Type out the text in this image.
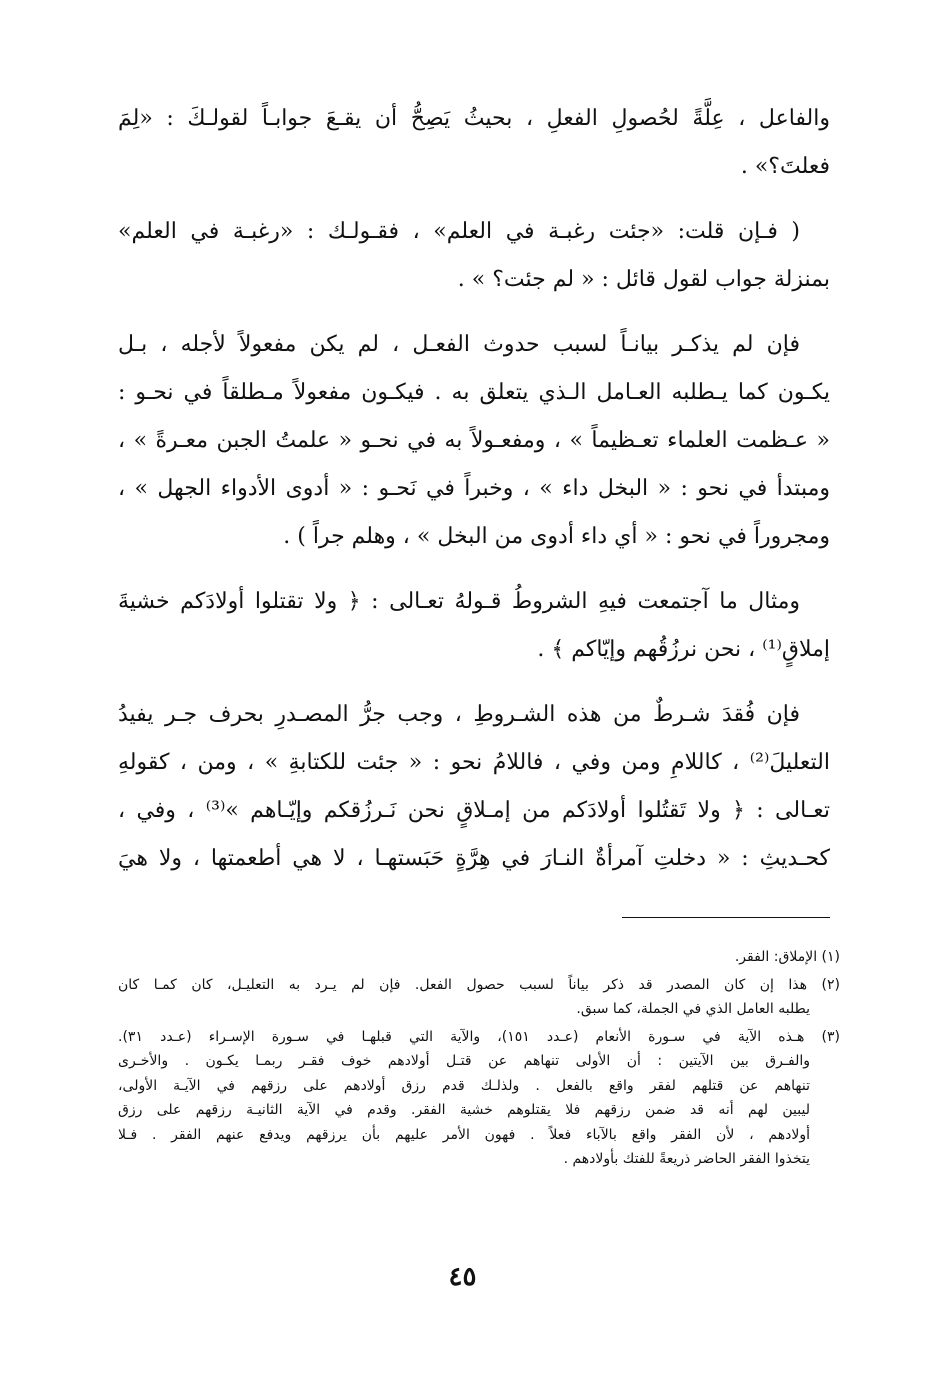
والفاعل ، عِلَّةً لحُصولِ الفعلِ ، بحيثُ يَصِحُّ أن يقـعَ جوابـاً لقولـكَ : «لِمَ
فعلتَ؟» .

( فـإن قلت: «جئت رغبـة في العلم» ، فقـولـك : «رغبـة في العلم»
بمنزلة جواب لقول قائل : « لم جئت؟ » .

فإن لم يذكـر بيانـاً لسبب حدوث الفعـل ، لم يكن مفعولاً لأجله ، بـل
يكـون كما يـطلبه العـامل الـذي يتعلق به . فيكـون مفعولاً مـطلقاً في نحـو :
« عـظمت العلماء تعـظيماً » ، ومفعـولاً به في نحـو « علمتُ الجبن معـرةً » ،
ومبتدأ في نحو : « البخل داء » ، وخبراً في نَحـو : « أدوى الأدواء الجهل » ،
ومجروراً في نحو : « أي داء أدوى من البخل » ، وهلم جراً ) .

ومثال ما آجتمعت فيهِ الشروطُ قـولهُ تعـالى : ﴿ ولا تقتلوا أولادَكم خشيةَ
إملاقٍ⁽¹⁾ ، نحن نرزُقُهم وإيّاكم ﴾ .

فإن فُقدَ شـرطٌ من هذه الشـروطِ ، وجب جرُّ المصـدرِ بحرف جـر يفيدُ
التعليلَ⁽²⁾ ، كاللامِ ومن وفي ، فاللامُ نحو : « جئت للكتابةِ » ، ومن ، كقولهِ
تعـالى : ﴿ ولا تَقتُلوا أولادَكم من إمـلاقٍ نحن نَـرزُقكم وإيّـاهم »⁽³⁾ ، وفي ،
كحـديثِ : « دخلتِ آمرأةٌ النـارَ في هِرَّةٍ حَبَستهـا ، لا هي أطعمتها ، ولا هيَ

(١) الإملاق: الفقر.

(٢) هذا إن كان المصدر قد ذكر بياناً لسبب حصول الفعل. فإن لم يـرد به التعليـل، كان كمـا كان
يطلبه العامل الذي في الجملة، كما سبق.

(٣) هـذه الآية في سـورة الأنعام (عـدد ١٥١)، والآية التي قبلهـا في سـورة الإسـراء (عـدد ٣١).
والفـرق بين الآيتين : أن الأولى تنهاهم عن قتـل أولادهم خوف فقـر ربمـا يكـون . والأخـرى
تنهاهم عن قتلهم لفقر واقع بالفعل . ولذلـك قدم رزق أولادهم على رزقهم في الآيـة الأولى،
ليبين لهم أنه قد ضمن رزقهم فلا يقتلوهم خشية الفقر. وقدم في الآية الثانيـة رزقهم على رزق
أولادهم ، لأن الفقر واقع بالآباء فعلاً . فهون الأمر عليهم بأن يرزقهم ويدفع عنهم الفقر . فـلا
يتخذوا الفقر الحاضر ذريعةً للفتك بأولادهم .

٤٥
